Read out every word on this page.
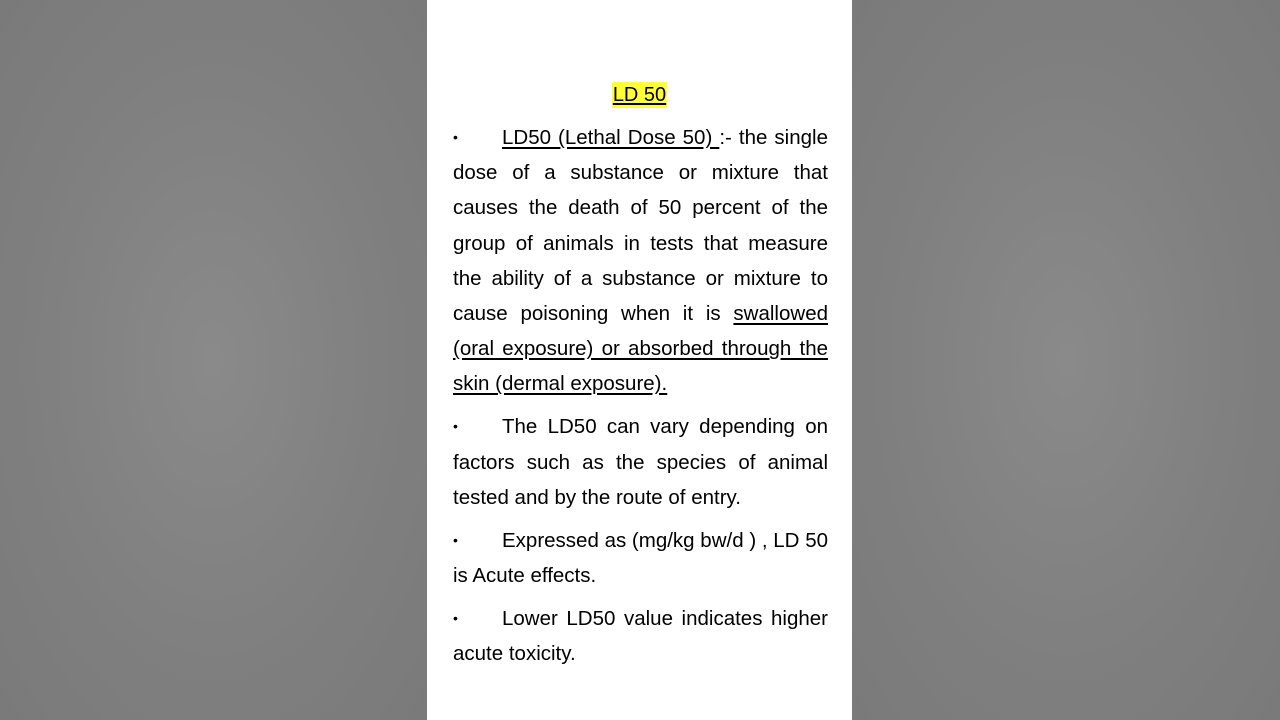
LD 50

• LD50 (Lethal Dose 50) :- the single dose of a substance or mixture that causes the death of 50 percent of the group of animals in tests that measure the ability of a substance or mixture to cause poisoning when it is swallowed (oral exposure) or absorbed through the skin (dermal exposure).

• The LD50 can vary depending on factors such as the species of animal tested and by the route of entry.

• Expressed as (mg/kg bw/d ) , LD 50 is Acute effects.

• Lower LD50 value indicates higher acute toxicity.
